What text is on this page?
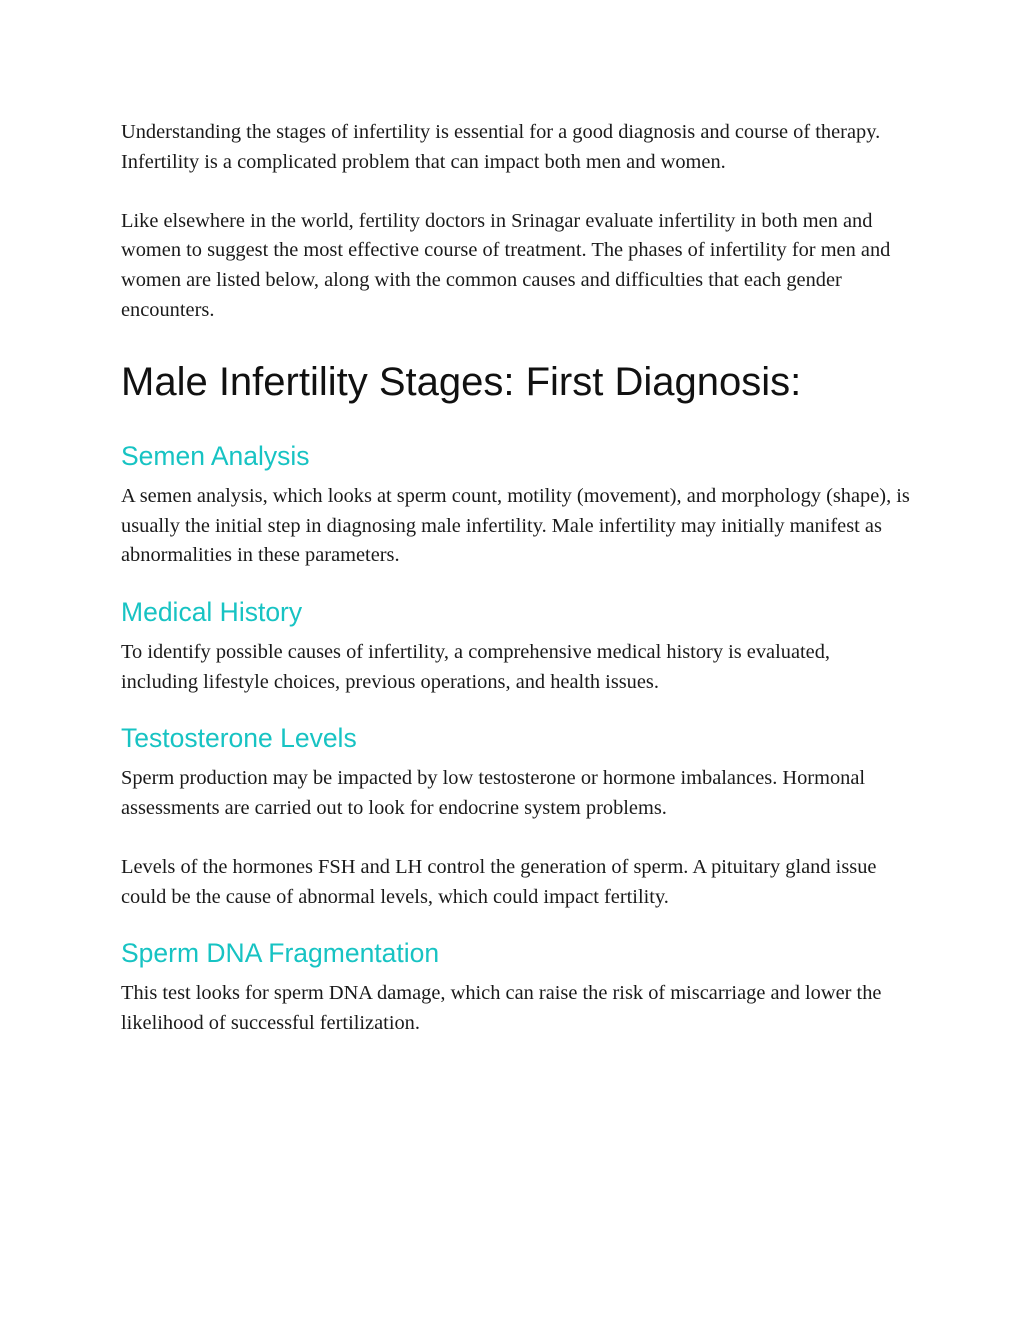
Understanding the stages of infertility is essential for a good diagnosis and course of therapy. Infertility is a complicated problem that can impact both men and women.

Like elsewhere in the world, fertility doctors in Srinagar evaluate infertility in both men and women to suggest the most effective course of treatment. The phases of infertility for men and women are listed below, along with the common causes and difficulties that each gender encounters.

Male Infertility Stages: First Diagnosis:
Semen Analysis

A semen analysis, which looks at sperm count, motility (movement), and morphology (shape), is usually the initial step in diagnosing male infertility. Male infertility may initially manifest as abnormalities in these parameters.

Medical History

To identify possible causes of infertility, a comprehensive medical history is evaluated, including lifestyle choices, previous operations, and health issues.

Testosterone Levels

Sperm production may be impacted by low testosterone or hormone imbalances. Hormonal assessments are carried out to look for endocrine system problems.

Levels of the hormones FSH and LH control the generation of sperm. A pituitary gland issue could be the cause of abnormal levels, which could impact fertility.

Sperm DNA Fragmentation

This test looks for sperm DNA damage, which can raise the risk of miscarriage and lower the likelihood of successful fertilization.
